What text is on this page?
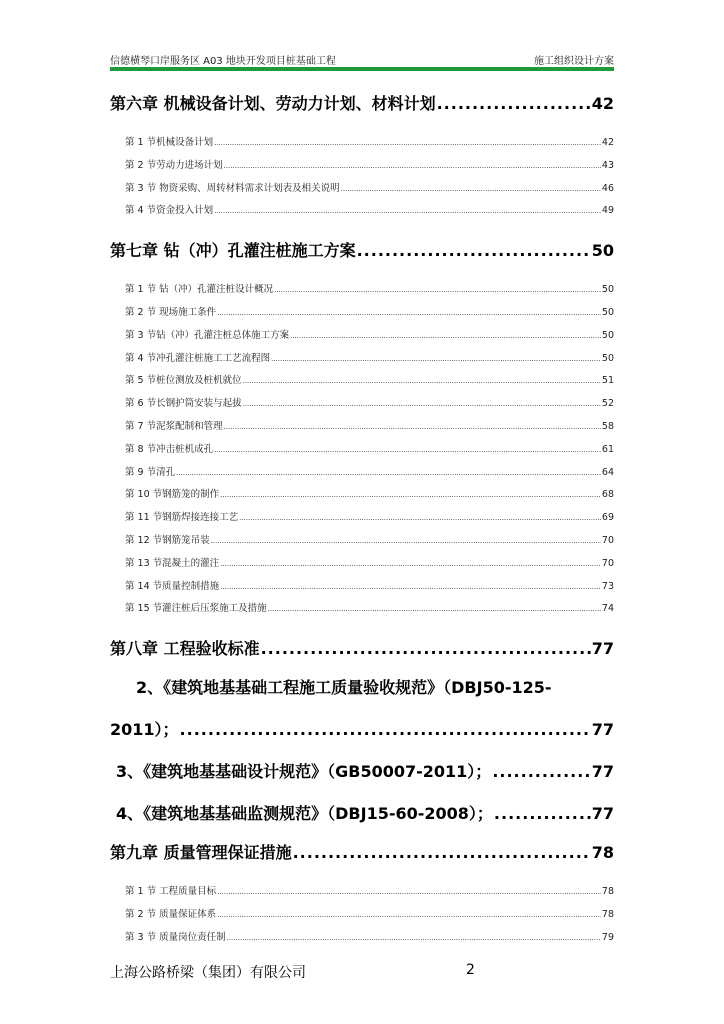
信德横琴口岸服务区 A03 地块开发项目桩基础工程	施工组织设计方案
第六章 机械设备计划、劳动力计划、材料计划 .....	42
第 1 节机械设备计划 .....	42
第 2 节劳动力进场计划 .....	43
第 3 节 物资采购、周转材料需求计划表及相关说明 .....	46
第 4 节资金投入计划 .....	49
第七章 钻（冲）孔灌注桩施工方案 .....	50
第 1 节 钻（冲）孔灌注桩设计概况 .....	50
第 2 节 现场施工条件 .....	50
第 3 节钻（冲）孔灌注桩总体施工方案 .....	50
第 4 节冲孔灌注桩施工工艺流程图 .....	50
第 5 节桩位测放及桩机就位 .....	51
第 6 节长钢护筒安装与起拔 .....	52
第 7 节泥浆配制和管理 .....	58
第 8 节冲击桩机成孔 .....	61
第 9 节清孔 .....	64
第 10 节钢筋笼的制作 .....	68
第 11 节钢筋焊接连接工艺 .....	69
第 12 节钢筋笼吊装 .....	70
第 13 节混凝土的灌注 .....	70
第 14 节质量控制措施 .....	73
第 15 节灌注桩后压浆施工及措施 .....	74
第八章 工程验收标准 .....	77
2、《建筑地基基础工程施工质量验收规范》（DBJ50-125-
2011）； .....	77
3、《建筑地基基础设计规范》（GB50007-2011）； .....	77
4、《建筑地基基础监测规范》（DBJ15-60-2008）； .....	77
第九章 质量管理保证措施 .....	78
第 1 节 工程质量目标 .....	78
第 2 节 质量保证体系 .....	78
第 3 节 质量岗位责任制 .....	79
上海公路桥梁（集团）有限公司	2
